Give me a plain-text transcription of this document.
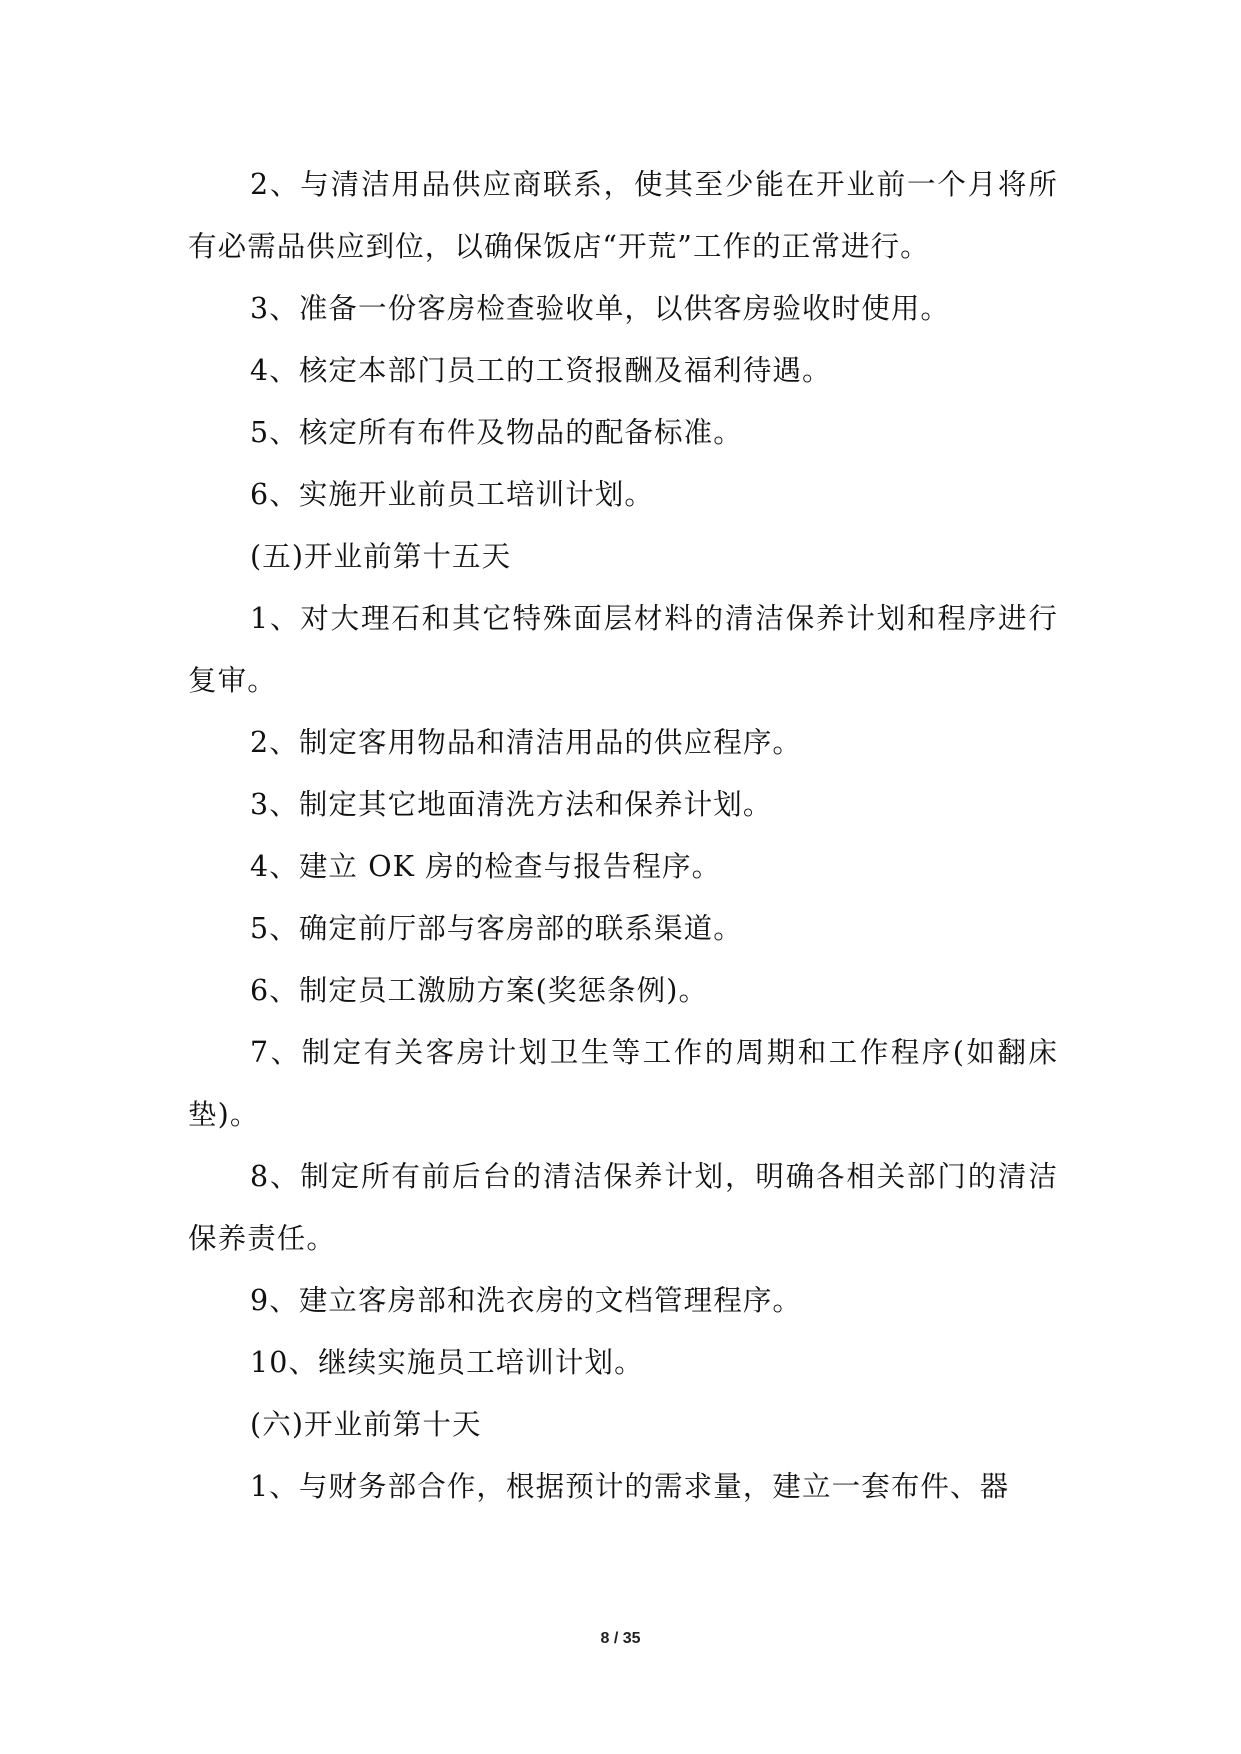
2、与清洁用品供应商联系，使其至少能在开业前一个月将所有必需品供应到位，以确保饭店“开荒”工作的正常进行。

3、准备一份客房检查验收单，以供客房验收时使用。

4、核定本部门员工的工资报酬及福利待遇。

5、核定所有布件及物品的配备标准。

6、实施开业前员工培训计划。

(五)开业前第十五天

1、对大理石和其它特殊面层材料的清洁保养计划和程序进行复审。

2、制定客用物品和清洁用品的供应程序。

3、制定其它地面清洗方法和保养计划。

4、建立 OK 房的检查与报告程序。

5、确定前厅部与客房部的联系渠道。

6、制定员工激励方案(奖惩条例)。

7、制定有关客房计划卫生等工作的周期和工作程序(如翻床垫)。

8、制定所有前后台的清洁保养计划，明确各相关部门的清洁保养责任。

9、建立客房部和洗衣房的文档管理程序。

10、继续实施员工培训计划。

(六)开业前第十天

1、与财务部合作，根据预计的需求量，建立一套布件、器

8 / 35
